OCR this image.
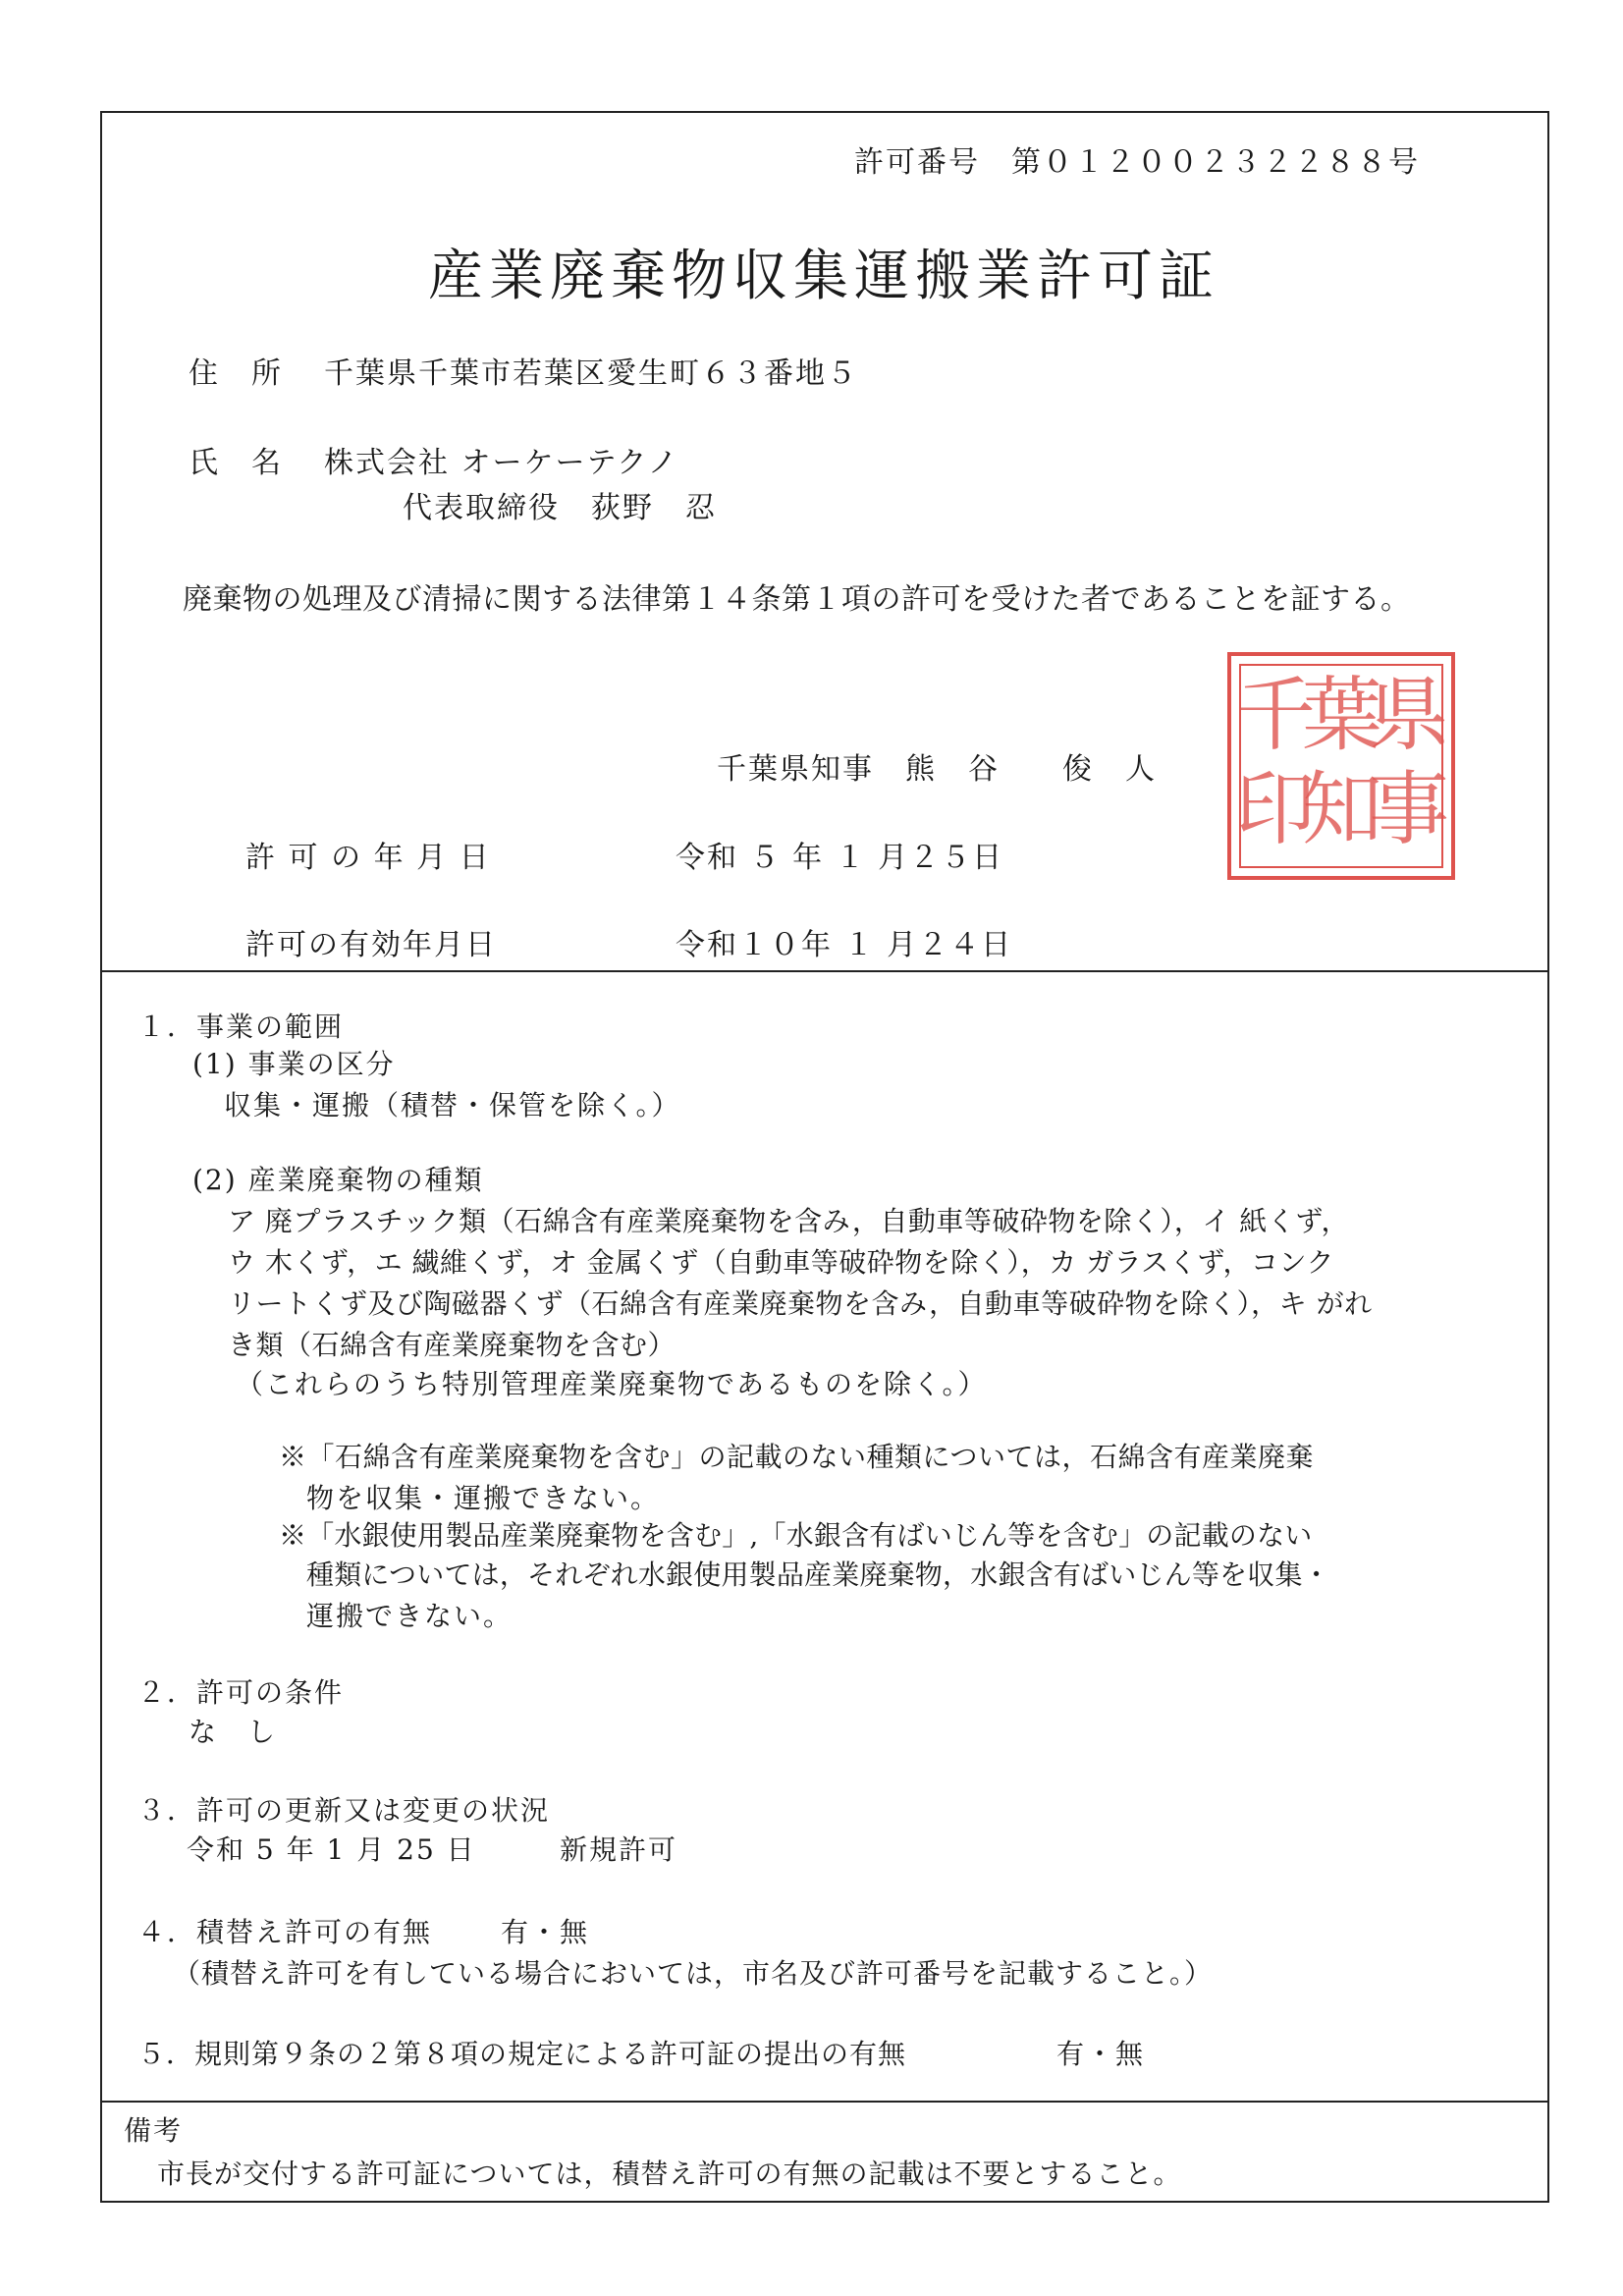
許可番号　第０１２００２３２２８８号
産業廃棄物収集運搬業許可証
住　所 千葉県千葉市若葉区愛生町６３番地５
氏　名 株式会社 オーケーテクノ
代表取締役　荻野　忍
廃棄物の処理及び清掃に関する法律第１４条第１項の許可を受けた者であることを証する。
千葉県知事　熊　谷　　俊　人
県
事
葉
知
千
印
許 可 の 年 月 日	令和 ５ 年 １ 月２５日
許可の有効年月日	令和１０年 １ 月２４日
１．事業の範囲
(1) 事業の区分
収集・運搬（積替・保管を除く。）
(2) 産業廃棄物の種類
ア 廃プラスチック類（石綿含有産業廃棄物を含み，自動車等破砕物を除く），イ 紙くず，
ウ 木くず，エ 繊維くず，オ 金属くず（自動車等破砕物を除く），カ ガラスくず，コンク
リートくず及び陶磁器くず（石綿含有産業廃棄物を含み，自動車等破砕物を除く），キ がれ
き類（石綿含有産業廃棄物を含む）
（これらのうち特別管理産業廃棄物であるものを除く。）
※「石綿含有産業廃棄物を含む」の記載のない種類については，石綿含有産業廃棄
物を収集・運搬できない。
※「水銀使用製品産業廃棄物を含む」,「水銀含有ばいじん等を含む」の記載のない
種類については，それぞれ水銀使用製品産業廃棄物，水銀含有ばいじん等を収集・
運搬できない。
２．許可の条件
な　し
３．許可の更新又は変更の状況
令和 5 年 1 月 25 日	新規許可
４．積替え許可の有無 有・無
（積替え許可を有している場合においては，市名及び許可番号を記載すること。）
５．規則第９条の２第８項の規定による許可証の提出の有無	有・無
備考
市長が交付する許可証については，積替え許可の有無の記載は不要とすること。
